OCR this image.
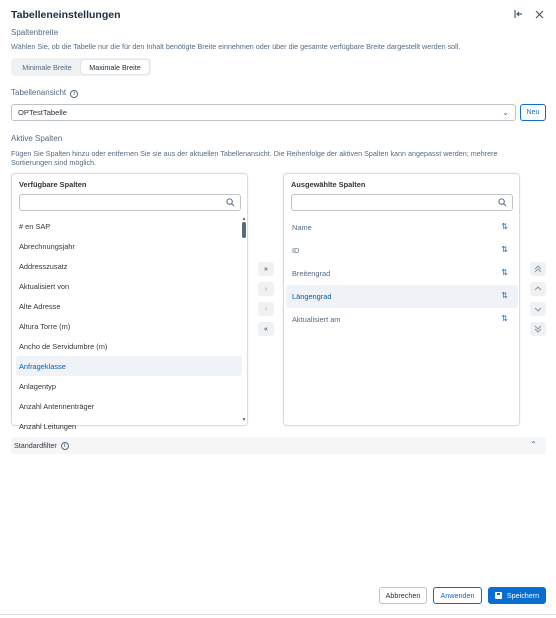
Tabelleneinstellungen
Spaltenbreite
Wählen Sie, ob die Tabelle nur die für den Inhalt benötigte Breite einnehmen oder über die gesamte verfügbare Breite dargestellt werden soll.
Minimale Breite	Maximale Breite
Tabellenansicht i
OPTestTabelle	⌄	Neu
Aktive Spalten
Fügen Sie Spalten hinzu oder entfernen Sie sie aus der aktuellen Tabellenansicht. Die Reihenfolge der aktiven Spalten kann angepasst werden; mehrere Sortierungen sind möglich.
Verfügbare Spalten
# en SAP
Abrechnungsjahr
Addresszusatz
Aktualisiert von
Alte Adresse
Altura Torre (m)
Ancho de Servidumbre (m)
Anfrageklasse
Anlagentyp
Anzahl Antennenträger
Anzahl Leitungen
▲
▼
»
›
‹
«
Ausgewählte Spalten
Name	⇅
ID	⇅
Breitengrad	⇅
Längengrad	⇅
Aktualisiert am	⇅
Standardfilter	i	⌃
Abbrechen	Anwenden	Speichern
